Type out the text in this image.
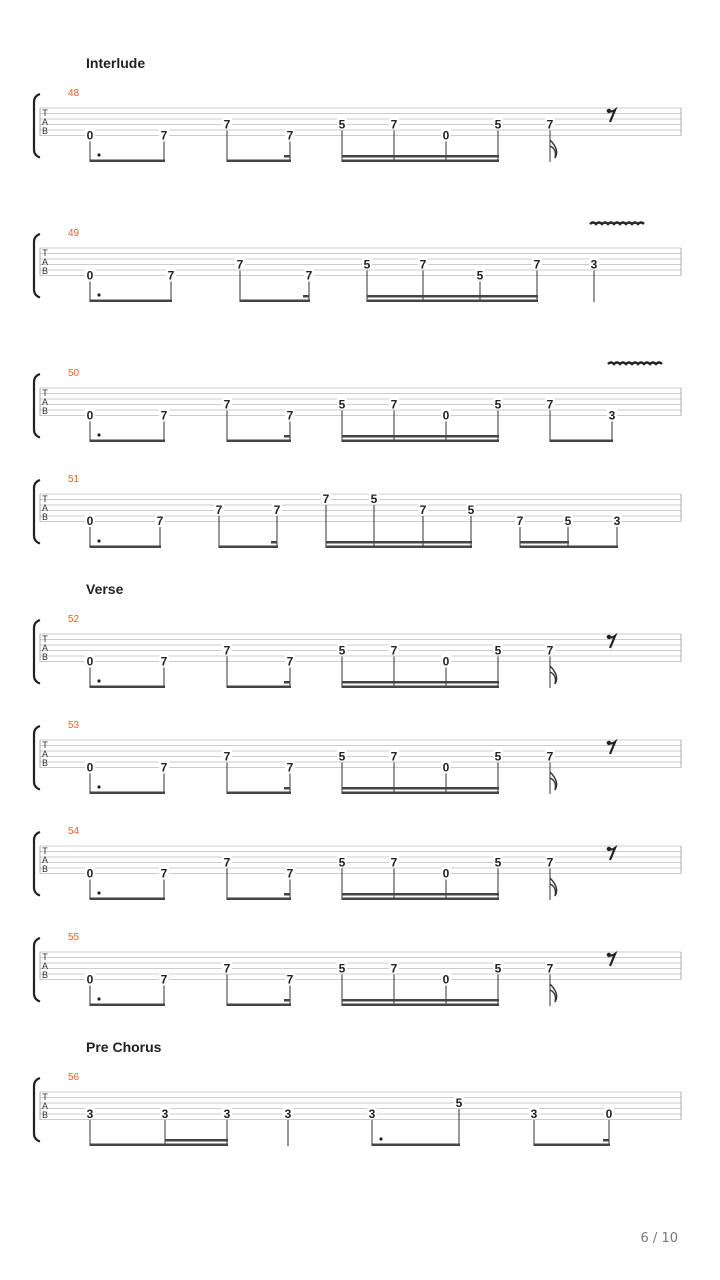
Interlude
Verse
Pre Chorus
48
T
A
B	0	7
7
7
5	7
0
5	7
49
T
A
B	0	7
7
7
5	7
5
7	3
50
T
A
B	0	7
7
7
5	7
0
5	7
3
51
T
A
B	0	7
7	7
7	5
7	5
7	5	3
52
T
A
B	0	7
7
7
5	7
0
5	7
53
T
A
B	0	7
7
7
5	7
0
5	7
54
T
A
B	0	7
7
7
5	7
0
5	7
55
T
A
B	0	7
7
7
5	7
0
5	7
56
T
A
B	3	3	3	3	3
5
3	0
6 / 10
